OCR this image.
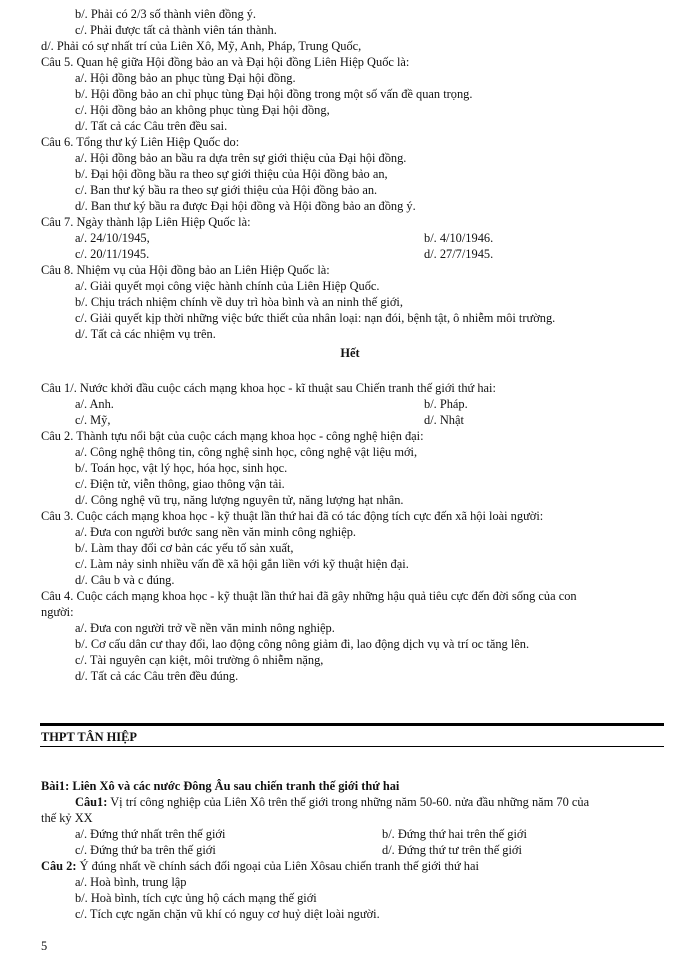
b/. Phải có 2/3 số thành viên đồng ý.
c/. Phải được tất cả thành viên tán thành.
d/. Phải có sự nhất trí của Liên Xô, Mỹ, Anh, Pháp, Trung Quốc,
Câu 5. Quan hệ giữa Hội đồng bảo an và Đại hội đồng Liên Hiệp Quốc là:
a/. Hội đồng bảo an phục tùng Đại hội đồng.
b/. Hội đồng bảo an chỉ phục tùng Đại hội đồng trong một số vấn đề quan trọng.
c/. Hội đồng bảo an không phục tùng Đại hội đồng,
d/. Tất cả các Câu trên đều sai.
Câu 6. Tổng thư ký Liên Hiệp Quốc do:
a/. Hội đồng bảo an bầu ra dựa trên sự giới thiệu của Đại hội đồng.
b/. Đại hội đồng bầu ra theo sự giới thiệu của Hội đồng bảo an,
c/. Ban thư ký bầu ra theo sự giới thiệu của Hội đồng bảo an.
d/. Ban thư ký bầu ra được Đại hội đồng và Hội đồng bảo an đồng ý.
Câu 7. Ngày thành lập Liên Hiệp Quốc là:
a/. 24/10/1945,	b/. 4/10/1946.
c/. 20/11/1945.	d/. 27/7/1945.
Câu 8. Nhiệm vụ của Hội đồng bảo an Liên Hiệp Quốc là:
a/. Giải quyết mọi công việc hành chính của Liên Hiệp Quốc.
b/. Chịu trách nhiệm chính về duy trì hòa bình và an ninh thế giới,
c/. Giải quyết kịp thời những việc bức thiết của nhân loại: nạn đói, bệnh tật, ô nhiễm môi trường.
d/. Tất cả các nhiệm vụ trên.
Hết
Câu 1/. Nước khởi đầu cuộc cách mạng khoa học - kĩ thuật sau Chiến tranh thế giới thứ hai:
a/. Anh.	b/. Pháp.
c/. Mỹ,	d/. Nhật
Câu 2. Thành tựu nổi bật của cuộc cách mạng khoa học - công nghệ hiện đại:
a/. Công nghệ thông tin, công nghệ sinh học, công nghệ vật liệu mới,
b/. Toán học, vật lý học, hóa học, sinh học.
c/. Điện tử, viễn thông, giao thông vận tải.
d/. Công nghệ vũ trụ, năng lượng nguyên tử, năng lượng hạt nhân.
Câu 3. Cuộc cách mạng khoa học - kỹ thuật lần thứ hai đã có tác động tích cực đến xã hội loài người:
a/. Đưa con người bước sang nền văn minh công nghiệp.
b/. Làm thay đổi cơ bản các yếu tố sản xuất,
c/. Làm nảy sinh nhiều vấn đề xã hội gắn liền với kỹ thuật hiện đại.
d/. Câu b và c đúng.
Câu 4. Cuộc cách mạng khoa học - kỹ thuật lần thứ hai đã gây những hậu quả tiêu cực đến đời sống của con
người:
a/. Đưa con người trở về nền văn minh nông nghiệp.
b/. Cơ cấu dân cư thay đổi, lao động công nông giảm đi, lao động dịch vụ và trí oc tăng lên.
c/. Tài nguyên cạn kiệt, môi trường ô nhiễm nặng,
d/. Tất cả các Câu trên đều đúng.
THPT TÂN HIỆP
Bài1: Liên Xô và các nước Đông Âu sau chiến tranh thế giới thứ hai
Câu1: Vị trí công nghiệp của Liên Xô trên thế giới trong những năm 50-60. nửa đầu những năm 70 của
thế kỷ XX
a/. Đứng thứ nhất trên thế giới	b/. Đứng thứ hai trên thế giới
c/. Đứng thứ ba trên thế giới	d/. Đứng thứ tư trên thế giới
Câu 2: Ý đúng nhất về chính sách đối ngoại của Liên Xôsau chiến tranh thế giới thứ hai
a/. Hoà bình, trung lập
b/. Hoà bình, tích cực ủng hộ cách mạng thế giới
c/. Tích cực ngăn chặn vũ khí có nguy cơ huỷ diệt loài người.
5
